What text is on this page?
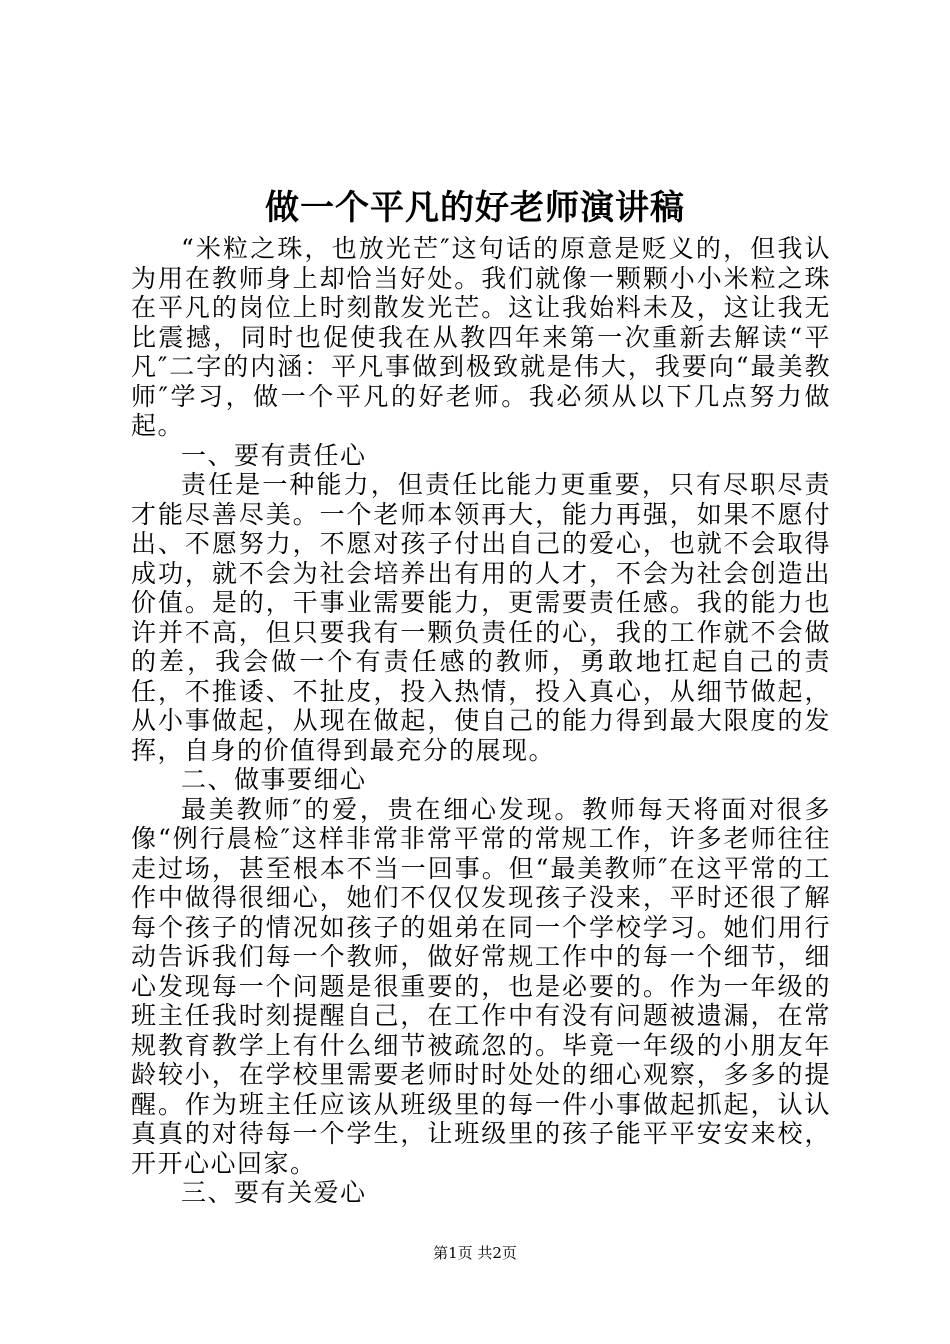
做一个平凡的好老师演讲稿

“米粒之珠，也放光芒″这句话的原意是贬义的，但我认为用在教师身上却恰当好处。我们就像一颗颗小小米粒之珠在平凡的岗位上时刻散发光芒。这让我始料未及，这让我无比震撼，同时也促使我在从教四年来第一次重新去解读“平凡″二字的内涵：平凡事做到极致就是伟大，我要向“最美教师″学习，做一个平凡的好老师。我必须从以下几点努力做起。

一、要有责任心

责任是一种能力，但责任比能力更重要，只有尽职尽责才能尽善尽美。一个老师本领再大，能力再强，如果不愿付出、不愿努力，不愿对孩子付出自己的爱心，也就不会取得成功，就不会为社会培养出有用的人才，不会为社会创造出价值。是的，干事业需要能力，更需要责任感。我的能力也许并不高，但只要我有一颗负责任的心，我的工作就不会做的差，我会做一个有责任感的教师，勇敢地扛起自己的责任，不推诿、不扯皮，投入热情，投入真心，从细节做起，从小事做起，从现在做起，使自己的能力得到最大限度的发挥，自身的价值得到最充分的展现。

二、做事要细心

最美教师″的爱，贵在细心发现。教师每天将面对很多像“例行晨检″这样非常非常平常的常规工作，许多老师往往走过场，甚至根本不当一回事。但“最美教师″在这平常的工作中做得很细心，她们不仅仅发现孩子没来，平时还很了解每个孩子的情况如孩子的姐弟在同一个学校学习。她们用行动告诉我们每一个教师，做好常规工作中的每一个细节，细心发现每一个问题是很重要的，也是必要的。作为一年级的班主任我时刻提醒自己，在工作中有没有问题被遗漏，在常规教育教学上有什么细节被疏忽的。毕竟一年级的小朋友年龄较小，在学校里需要老师时时处处的细心观察，多多的提醒。作为班主任应该从班级里的每一件小事做起抓起，认认真真的对待每一个学生，让班级里的孩子能平平安安来校，开开心心回家。

三、要有关爱心

第1页 共2页
